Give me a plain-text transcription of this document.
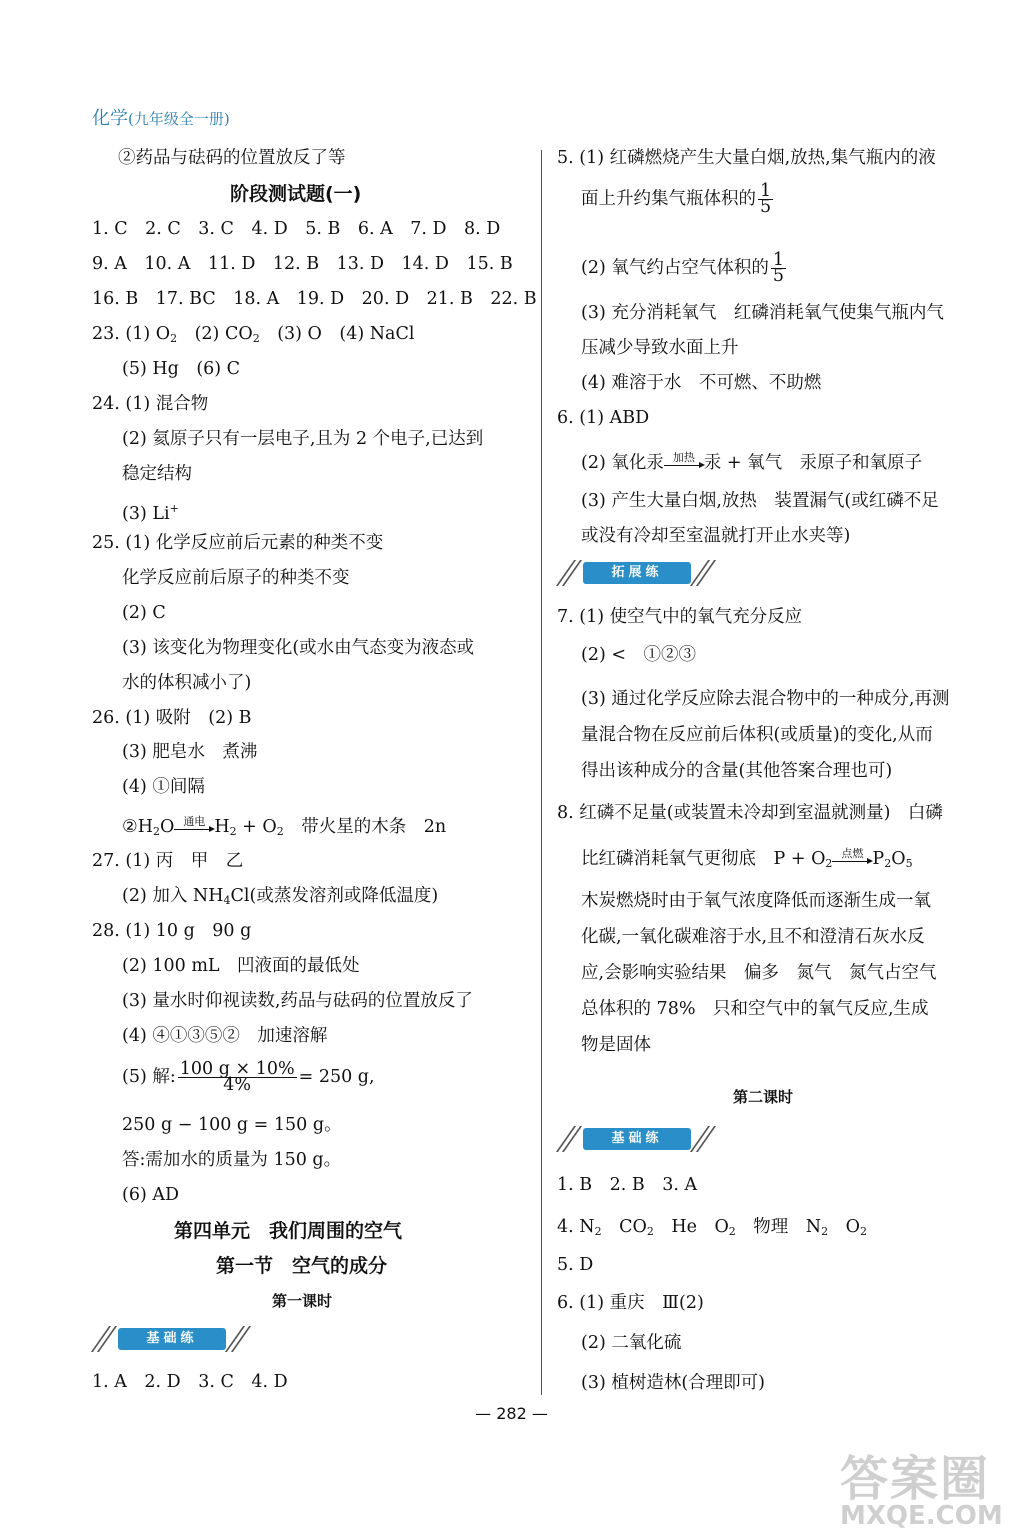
化学(九年级全一册)
②药品与砝码的位置放反了等
阶段测试题(一)
1. C　2. C　3. C　4. D　5. B　6. A　7. D　8. D
9. A　10. A　11. D　12. B　13. D　14. D　15. B
16. B　17. BC　18. A　19. D　20. D　21. B　22. B
23. (1) $O_2$　 (2) $CO_2$　 (3) O　(4) NaCl
(5) Hg　(6) C
24. (1) 混合物
(2) 氦原子只有一层电子,且为 2 个电子,已达到
稳定结构
(3) Li+
25. (1) 化学反应前后元素的种类不变
化学反应前后原子的种类不变
(2) C
(3) 该变化为物理变化(或水由气态变为液态或
水的体积减小了)
26. (1) 吸附　(2) B
(3) 肥皂水　煮沸
(4) ①间隔
$②H_2O$ 通电 $H_2 + O_2$　带火星的木条　2n
27. (1) 丙　甲　乙
(2) 加入 $NH_4Cl$(或蒸发溶剂或降低温度)
28. (1) 10 g　90 g
(2) 100 mL　凹液面的最低处
(3) 量水时仰视读数,药品与砝码的位置放反了
(4) ④①③⑤②　加速溶解
(5) 解: $\frac{100 g \times 10\%}{4\%} = 250$ g,
250 g − 100 g = 150 g。
答:需加水的质量为 150 g。
(6) AD
第四单元　我们周围的空气
第一节　空气的成分
第一课时
基础练
1. A　2. D　3. C　4. D
5. (1) 红磷燃烧产生大量白烟,放热,集气瓶内的液
面上升约集气瓶体积的 $\frac{1}{5}$
(2) 氧气约占空气体积的 $\frac{1}{5}$
(3) 充分消耗氧气　红磷消耗氧气使集气瓶内气
压减少导致水面上升
(4) 难溶于水　不可燃、不助燃
6. (1) ABD
(2) 氧化汞 加热 汞 + 氧气　汞原子和氧原子
(3) 产生大量白烟,放热　装置漏气(或红磷不足
或没有冷却至室温就打开止水夹等)
拓展练
7. (1) 使空气中的氧气充分反应
(2) <　①②③
(3) 通过化学反应除去混合物中的一种成分,再测
量混合物在反应前后体积(或质量)的变化,从而
得出该种成分的含量(其他答案合理也可)
8. 红磷不足量(或装置未冷却到室温就测量)　白磷
比红磷消耗氧气更彻底　$P + O_2$
点燃 $P_2O_5$
木炭燃烧时由于氧气浓度降低而逐渐生成一氧
化碳,一氧化碳难溶于水,且不和澄清石灰水反
应,会影响实验结果　偏多　氮气　氮气占空气
总体积的 78%　只和空气中的氧气反应,生成
物是固体
第二课时
基础练
1. B　2. B　3. A
4. $N_2$　 $CO_2$　 He　$O_2$　 物理　$N_2$　 $O_2$
5. D
6. (1) 重庆　Ⅲ(2)
(2) 二氧化硫
(3) 植树造林(合理即可)
— 282 —
答案圈
MXQE.COM
